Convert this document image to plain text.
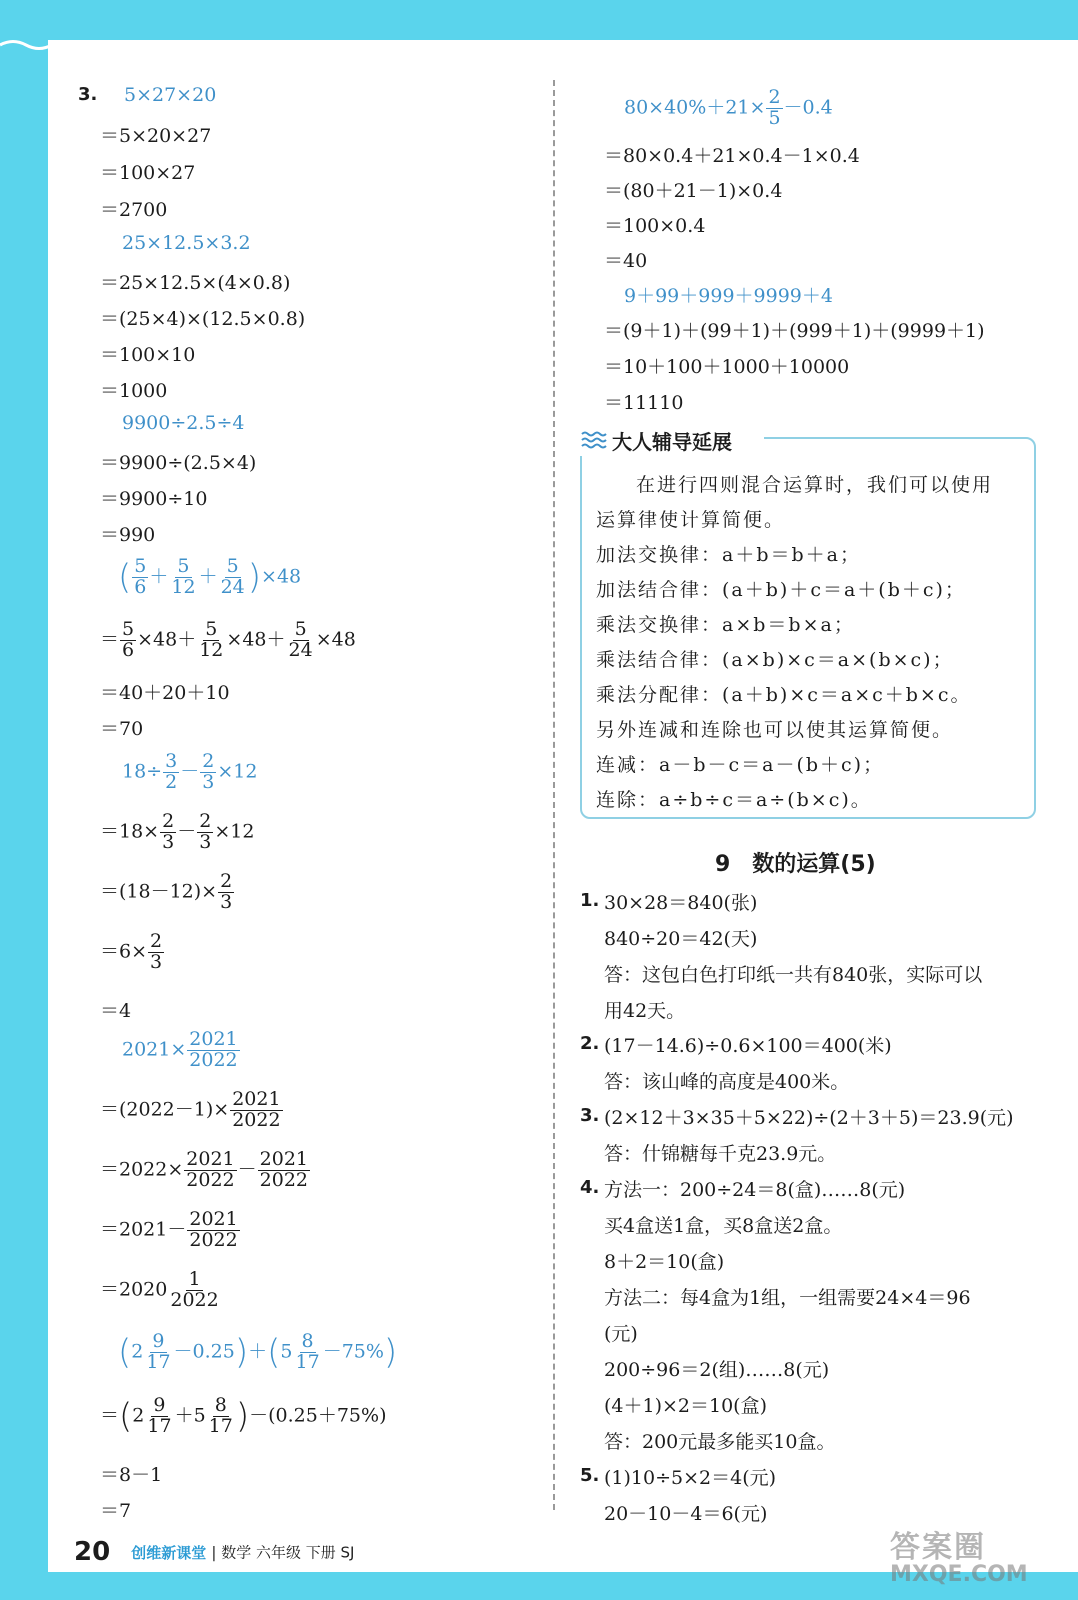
3. 5×27×20
＝5×20×27
＝100×27
＝2700
25×12.5×3.2
＝25×12.5×(4×0.8)
＝(25×4)×(12.5×0.8)
＝100×10
＝1000
9900÷2.5÷4
＝9900÷(2.5×4)
＝9900÷10
＝990
( $\frac{5}{6} + \frac{5}{12} + \frac{5}{24} )\times 48$
＝ $\frac{5}{6} \times 48+ \frac{5}{12} \times 48+ \frac{5}{24} \times 48$
＝40＋20＋10
＝70
$18\div \frac{3}{2} - \frac{2}{3} \times 12$
$=18\times \frac{2}{3} - \frac{2}{3} \times 12$
$=(18-12)\times \frac{2}{3}$
$=6\times \frac{2}{3}$
＝4
$2021\times \frac{2021}{2022}$
$=(2022-1)\times \frac{2021}{2022}$
$=2022\times \frac{2021}{2022} - \frac{2021}{2022}$
$=2021- \frac{2021}{2022}$
$=2020 \frac{1}{2022}$
$(2 \frac{9}{17} -0.25)+(5 \frac{8}{17} -75\%)$
$=(2 \frac{9}{17} +5 \frac{8}{17} )-(0.25+75\%)$
＝8－1
＝7
$80\times 40\%+21\times \frac{2}{5} -0.4$
＝80×0.4＋21×0.4－1×0.4
＝(80＋21－1)×0.4
＝100×0.4
＝40
9＋99＋999＋9999＋4
＝(9＋1)＋(99＋1)＋(999＋1)＋(9999＋1)
＝10＋100＋1000＋10000
＝11110
大人辅导延展
在进行四则混合运算时，我们可以使用
运算律使计算简便。
加法交换律：a＋b＝b＋a；
加法结合律：(a＋b)＋c＝a＋(b＋c)；
乘法交换律：a×b＝b×a；
乘法结合律：(a×b)×c＝a×(b×c)；
乘法分配律：(a＋b)×c＝a×c＋b×c。
另外连减和连除也可以使其运算简便。
连减：a－b－c＝a－(b＋c)；
连除：a÷b÷c＝a÷(b×c)。
9　数的运算(5)
1. 30×28＝840(张)
840÷20＝42(天)
答：这包白色打印纸一共有840张，实际可以
用42天。
2. (17－14.6)÷0.6×100＝400(米)
答：该山峰的高度是400米。
3. (2×12＋3×35＋5×22)÷(2＋3＋5)＝23.9(元)
答：什锦糖每千克23.9元。
4. 方法一：200÷24＝8(盒)……8(元)
买4盒送1盒，买8盒送2盒。
8＋2＝10(盒)
方法二：每4盒为1组，一组需要24×4＝96
(元)
200÷96＝2(组)……8(元)
(4＋1)×2＝10(盒)
答：200元最多能买10盒。
5. (1)10÷5×2＝4(元)
20－10－4＝6(元)
20 创维新课堂 | 数学 六年级 下册 SJ	答案圈
MXQE.COM
